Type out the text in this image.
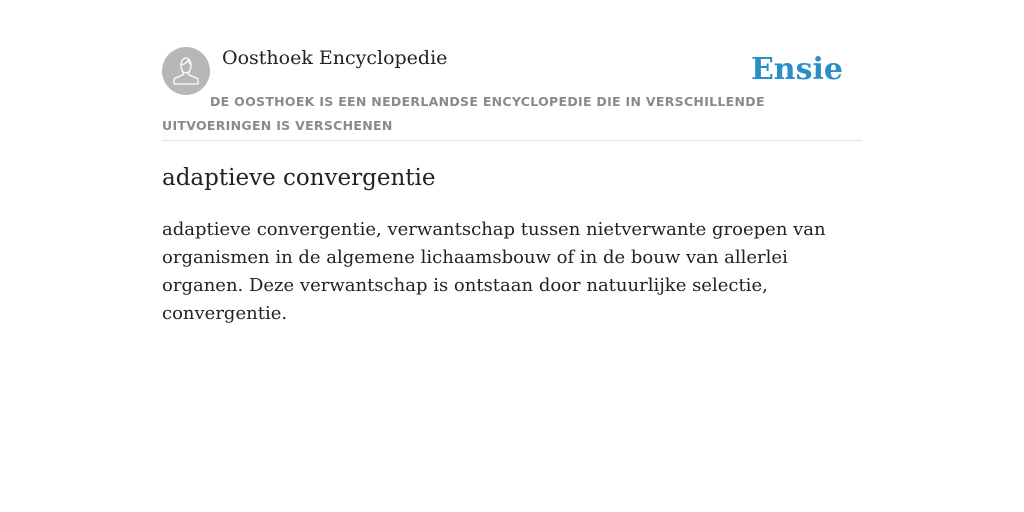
Oosthoek Encyclopedie	Ensie

DE OOSTHOEK IS EEN NEDERLANDSE ENCYCLOPEDIE DIE IN VERSCHILLENDE UITVOERINGEN IS VERSCHENEN

adaptieve convergentie

adaptieve convergentie, verwantschap tussen nietverwante groepen van organismen in de algemene lichaamsbouw of in de bouw van allerlei organen. Deze verwantschap is ontstaan door natuurlijke selectie, convergentie.
